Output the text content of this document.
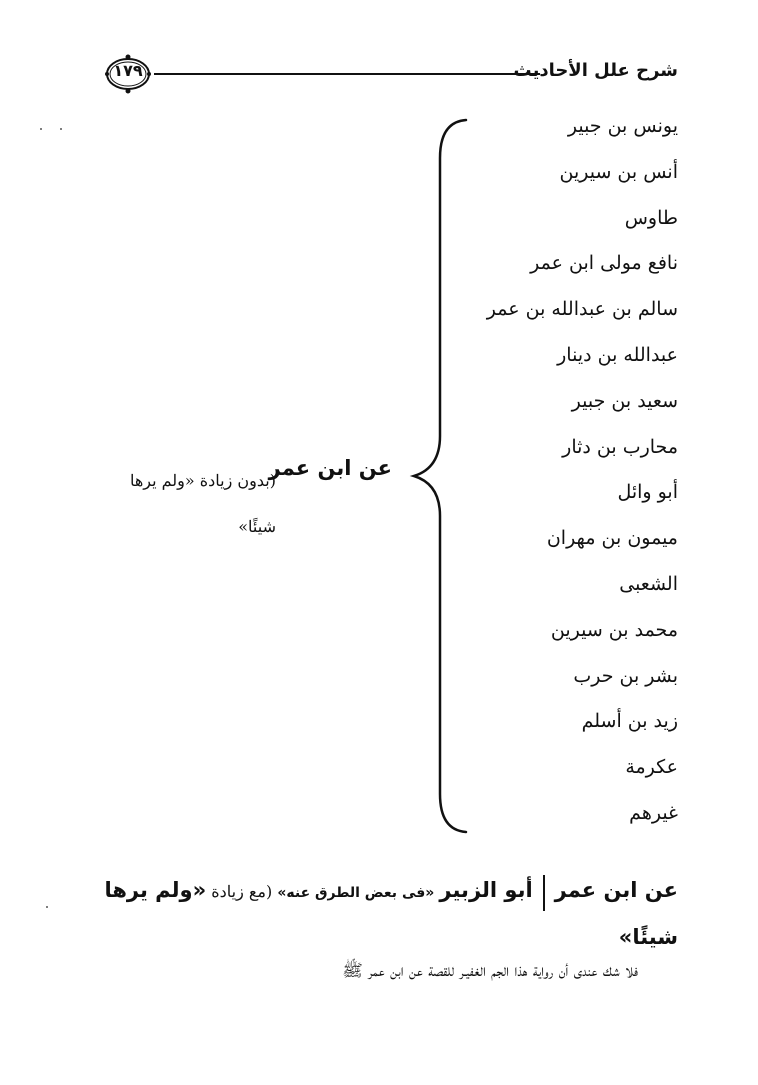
شرح علل الأحاديث
١٧٩
يونس بن جبير
أنس بن سيرين
طاوس
نافع مولى ابن عمر
سالم بن عبدالله بن عمر
عبدالله بن دينار
سعيد بن جبير
محارب بن دثار
أبو وائل
ميمون بن مهران
الشعبى
محمد بن سيرين
بشر بن حرب
زيد بن أسلم
عكرمة
غيرهم
عن ابن عمر
(بدون زيادة «ولم يرها شيئًا»
عن ابن عمرأبو الزبير «فى بعض الطرق عنه» (مع زيادة «ولم يرها شيئًا»
فلا شك عندى أن رواية هذا الجم الغفيـر للقصة عن ابن عمر ﷺ
